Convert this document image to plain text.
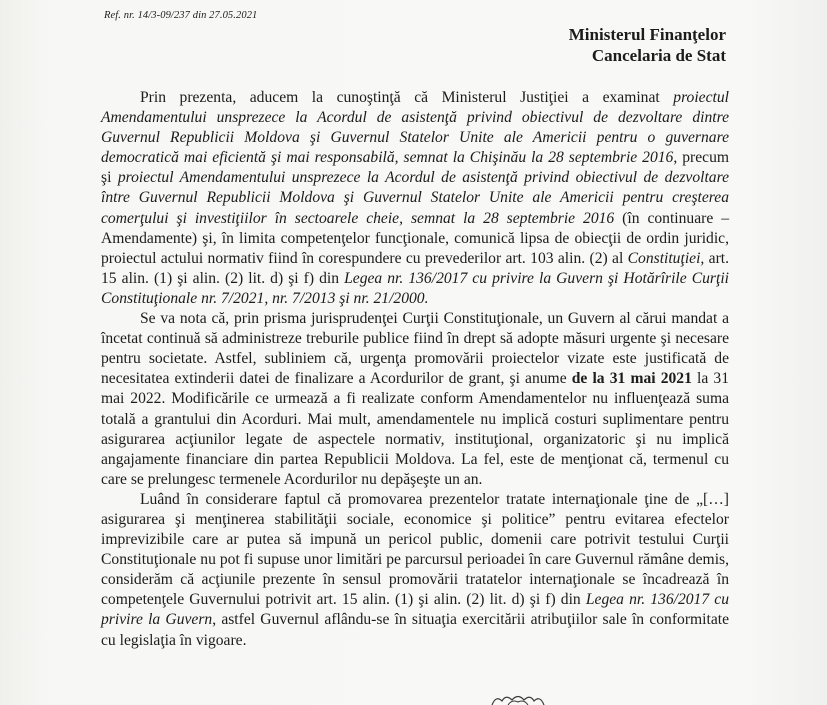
Ref. nr. 14/3-09/237 din 27.05.2021
Ministerul Finanţelor
Cancelaria de Stat

Prin prezenta, aducem la cunoştinţă că Ministerul Justiţiei a examinat proiectul Amendamentului unsprezece la Acordul de asistenţă privind obiectivul de dezvoltare dintre Guvernul Republicii Moldova şi Guvernul Statelor Unite ale Americii pentru o guvernare democratică mai eficientă şi mai responsabilă, semnat la Chişinău la 28 septembrie 2016, precum şi proiectul Amendamentului unsprezece la Acordul de asistenţă privind obiectivul de dezvoltare între Guvernul Republicii Moldova şi Guvernul Statelor Unite ale Americii pentru creşterea comerţului şi investiţiilor în sectoarele cheie, semnat la 28 septembrie 2016 (în continuare – Amendamente) şi, în limita competenţelor funcţionale, comunică lipsa de obiecţii de ordin juridic, proiectul actului normativ fiind în corespundere cu prevederilor art. 103 alin. (2) al Constituţiei, art. 15 alin. (1) şi alin. (2) lit. d) şi f) din Legea nr. 136/2017 cu privire la Guvern şi Hotărîrile Curţii Constituţionale nr. 7/2021, nr. 7/2013 şi nr. 21/2000.

Se va nota că, prin prisma jurisprudenţei Curţii Constituţionale, un Guvern al cărui mandat a încetat continuă să administreze treburile publice fiind în drept să adopte măsuri urgente şi necesare pentru societate. Astfel, subliniem că, urgenţa promovării proiectelor vizate este justificată de necesitatea extinderii datei de finalizare a Acordurilor de grant, şi anume de la 31 mai 2021 la 31 mai 2022. Modificările ce urmează a fi realizate conform Amendamentelor nu influenţează suma totală a grantului din Acorduri. Mai mult, amendamentele nu implică costuri suplimentare pentru asigurarea acţiunilor legate de aspectele normativ, instituţional, organizatoric şi nu implică angajamente financiare din partea Republicii Moldova. La fel, este de menţionat că, termenul cu care se prelungesc termenele Acordurilor nu depăşeşte un an.

Luând în considerare faptul că promovarea prezentelor tratate internaţionale ţine de „[…] asigurarea şi menţinerea stabilităţii sociale, economice şi politice” pentru evitarea efectelor imprevizibile care ar putea să impună un pericol public, domenii care potrivit testului Curţii Constituţionale nu pot fi supuse unor limitări pe parcursul perioadei în care Guvernul rămâne demis, considerăm că acţiunile prezente în sensul promovării tratatelor internaţionale se încadrează în competenţele Guvernului potrivit art. 15 alin. (1) şi alin. (2) lit. d) şi f) din Legea nr. 136/2017 cu privire la Guvern, astfel Guvernul aflându-se în situaţia exercitării atribuţiilor sale în conformitate cu legislaţia în vigoare.
